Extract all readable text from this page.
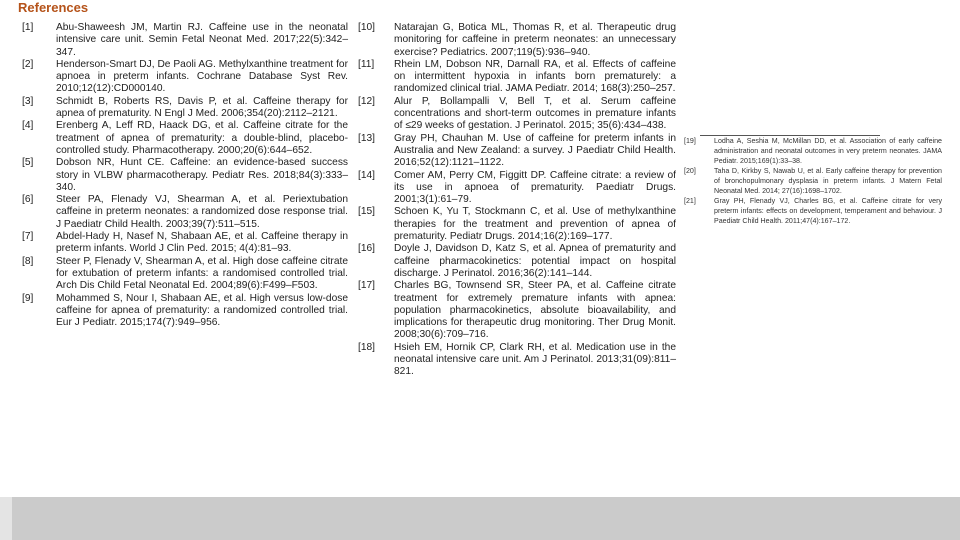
References
[1]	Abu-Shaweesh JM, Martin RJ. Caffeine use in the neonatal intensive care unit. Semin Fetal Neonat Med. 2017;22(5):342–347.
[2]	Henderson-Smart DJ, De Paoli AG. Methylxanthine treatment for apnoea in preterm infants. Cochrane Database Syst Rev. 2010;12(12):CD000140.
[3]	Schmidt B, Roberts RS, Davis P, et al. Caffeine therapy for apnea of prematurity. N Engl J Med. 2006;354(20):2112–2121.
[4]	Erenberg A, Leff RD, Haack DG, et al. Caffeine citrate for the treatment of apnea of prematurity: a double-blind, placebo-controlled study. Pharmacotherapy. 2000;20(6):644–652.
[5]	Dobson NR, Hunt CE. Caffeine: an evidence-based success story in VLBW pharmacotherapy. Pediatr Res. 2018;84(3):333–340.
[6]	Steer PA, Flenady VJ, Shearman A, et al. Periextubation caffeine in preterm neonates: a randomized dose response trial. J Paediatr Child Health. 2003;39(7):511–515.
[7]	Abdel-Hady H, Nasef N, Shabaan AE, et al. Caffeine therapy in preterm infants. World J Clin Ped. 2015; 4(4):81–93.
[8]	Steer P, Flenady V, Shearman A, et al. High dose caffeine citrate for extubation of preterm infants: a randomised controlled trial. Arch Dis Child Fetal Neonatal Ed. 2004;89(6):F499–F503.
[9]	Mohammed S, Nour I, Shabaan AE, et al. High versus low-dose caffeine for apnea of prematurity: a randomized controlled trial. Eur J Pediatr. 2015;174(7):949–956.
[10]	Natarajan G, Botica ML, Thomas R, et al. Therapeutic drug monitoring for caffeine in preterm neonates: an unnecessary exercise? Pediatrics. 2007;119(5):936–940.
[11]	Rhein LM, Dobson NR, Darnall RA, et al. Effects of caffeine on intermittent hypoxia in infants born prematurely: a randomized clinical trial. JAMA Pediatr. 2014; 168(3):250–257.
[12]	Alur P, Bollampalli V, Bell T, et al. Serum caffeine concentrations and short-term outcomes in premature infants of ≤29 weeks of gestation. J Perinatol. 2015; 35(6):434–438.
[13]	Gray PH, Chauhan M. Use of caffeine for preterm infants in Australia and New Zealand: a survey. J Paediatr Child Health. 2016;52(12):1121–1122.
[14]	Comer AM, Perry CM, Figgitt DP. Caffeine citrate: a review of its use in apnoea of prematurity. Paediatr Drugs. 2001;3(1):61–79.
[15]	Schoen K, Yu T, Stockmann C, et al. Use of methylxanthine therapies for the treatment and prevention of apnea of prematurity. Pediatr Drugs. 2014;16(2):169–177.
[16]	Doyle J, Davidson D, Katz S, et al. Apnea of prematurity and caffeine pharmacokinetics: potential impact on hospital discharge. J Perinatol. 2016;36(2):141–144.
[17]	Charles BG, Townsend SR, Steer PA, et al. Caffeine citrate treatment for extremely premature infants with apnea: population pharmacokinetics, absolute bioavailability, and implications for therapeutic drug monitoring. Ther Drug Monit. 2008;30(6):709–716.
[18]	Hsieh EM, Hornik CP, Clark RH, et al. Medication use in the neonatal intensive care unit. Am J Perinatol. 2013;31(09):811–821.
[19]	Lodha A, Seshia M, McMillan DD, et al. Association of early caffeine administration and neonatal outcomes in very preterm neonates. JAMA Pediatr. 2015;169(1):33–38.
[20]	Taha D, Kirkby S, Nawab U, et al. Early caffeine therapy for prevention of bronchopulmonary dysplasia in preterm infants. J Matern Fetal Neonatal Med. 2014; 27(16):1698–1702.
[21]	Gray PH, Flenady VJ, Charles BG, et al. Caffeine citrate for very preterm infants: effects on development, temperament and behaviour. J Paediatr Child Health. 2011;47(4):167–172.
